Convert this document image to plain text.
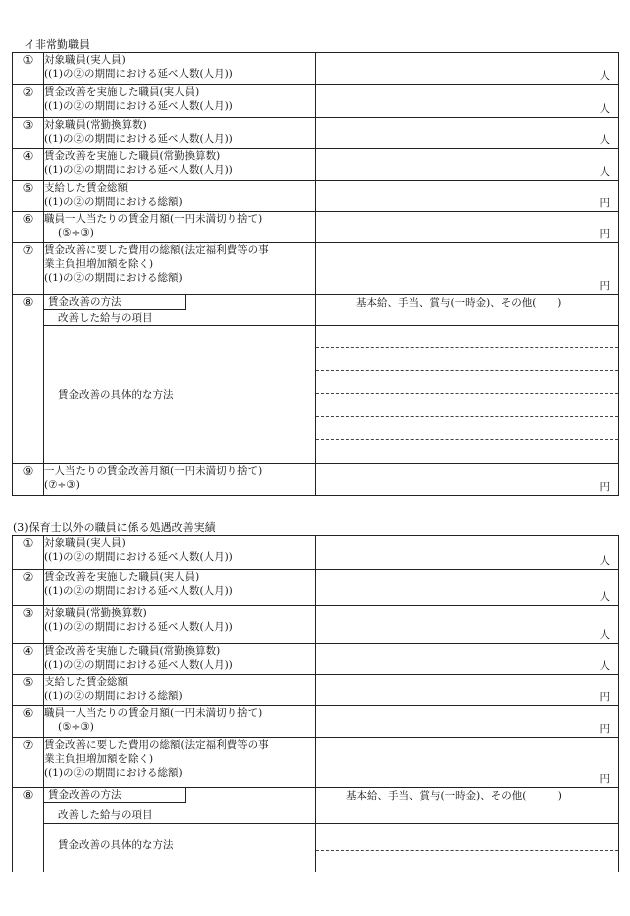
イ非常勤職員
①	対象職員(実人員)
((1)の②の期間における延べ人数(人月))	人

②	賃金改善を実施した職員(実人員)
((1)の②の期間における延べ人数(人月))	人

③	対象職員(常勤換算数)
((1)の②の期間における延べ人数(人月))	人

④	賃金改善を実施した職員(常勤換算数)
((1)の②の期間における延べ人数(人月))	人

⑤	支給した賃金総額
((1)の②の期間における総額)	円

⑥	職員一人当たりの賃金月額(一円未満切り捨て)
(⑤÷③)	円

⑦	賃金改善に要した費用の総額(法定福利費等の事
業主負担増加額を除く)
((1)の②の期間における総額)	円

⑧	賃金改善の方法
改善した給与の項目	基本給、手当、賞与(一時金)、その他(　　)

	賃金改善の具体的な方法	

⑨	一人当たりの賃金改善月額(一円未満切り捨て)
(⑦÷③)	円
(3)保育士以外の職員に係る処遇改善実績
①	対象職員(実人員)
((1)の②の期間における延べ人数(人月))	人

②	賃金改善を実施した職員(実人員)
((1)の②の期間における延べ人数(人月))	人

③	対象職員(常勤換算数)
((1)の②の期間における延べ人数(人月))	人

④	賃金改善を実施した職員(常勤換算数)
((1)の②の期間における延べ人数(人月))	人

⑤	支給した賃金総額
((1)の②の期間における総額)	円

⑥	職員一人当たりの賃金月額(一円未満切り捨て)
(⑤÷③)	円

⑦	賃金改善に要した費用の総額(法定福利費等の事
業主負担増加額を除く)
((1)の②の期間における総額)	円

⑧	賃金改善の方法
改善した給与の項目	基本給、手当、賞与(一時金)、その他(　　　)

	賃金改善の具体的な方法	
